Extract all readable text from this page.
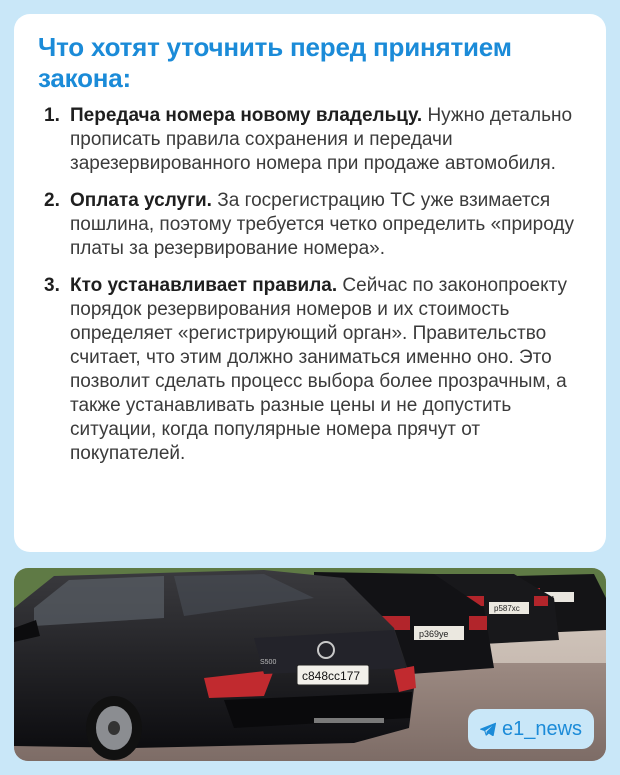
Что хотят уточнить перед принятием закона:
1. Передача номера новому владельцу. Нужно детально прописать правила сохранения и передачи зарезервированного номера при продаже автомобиля.
2. Оплата услуги. За госрегистрацию ТС уже взимается пошлина, поэтому требуется четко определить «природу платы за резервирование номера».
3. Кто устанавливает правила. Сейчас по законопроекту порядок резервирования номеров и их стоимость определяет «регистрирующий орган». Правительство считает, что этим должно заниматься именно оно. Это позволит сделать процесс выбора более прозрачным, а также устанавливать разные цены и не допустить ситуации, когда популярные номера прячут от покупателей.
р587хс
р369уе
S500
с848сс177
e1_news
